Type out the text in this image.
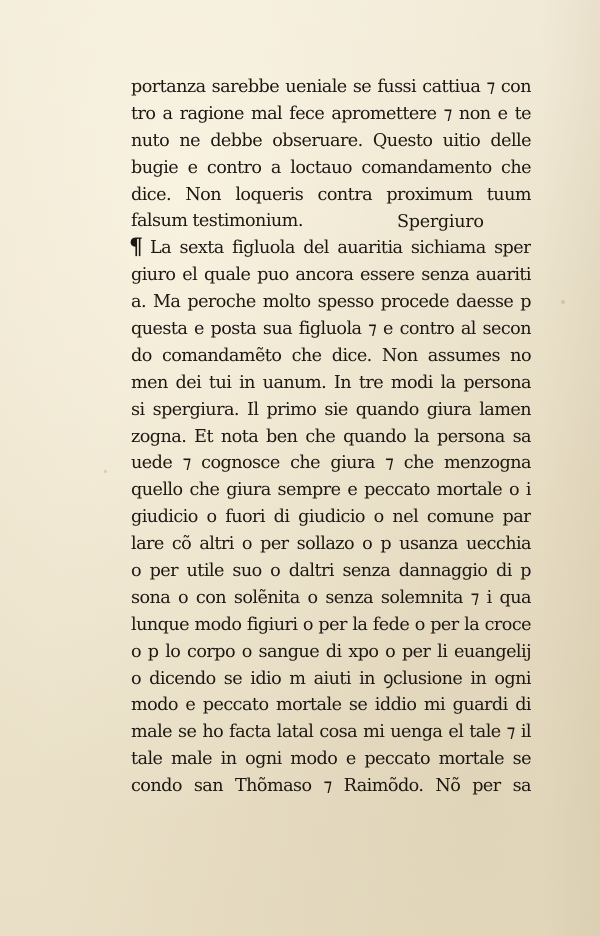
portanza sarebbe ueniale se fussi cattiua ⁊ con
tro a ragione mal fece apromettere ⁊ non e te
nuto ne debbe obseruare. Questo uitio delle
bugie e contro a loctauo comandamento che
dice. Non loqueris contra proximum tuum
falsum testimonium.
La sexta figluola del auaritia sichiama sper
giuro el quale puo ancora essere senza auariti
a. Ma peroche molto spesso procede daesse p
questa e posta sua figluola ⁊ e contro al secon
do comandamẽto che dice. Non assumes no
men dei tui in uanum. In tre modi la persona
si spergiura. Il primo sie quando giura lamen
zogna. Et nota ben che quando la persona sa
uede ⁊ cognosce che giura ⁊ che menzogna
quello che giura sempre e peccato mortale o i
giudicio o fuori di giudicio o nel comune par
lare cõ altri o per sollazo o p usanza uecchia
o per utile suo o daltri senza dannaggio di p
sona o con solẽnita o senza solemnita ⁊ i qua
lunque modo figiuri o per la fede o per la croce
o p lo corpo o sangue di xpo o per li euangelij
o dicendo se idio m aiuti in ꝯclusione in ogni
modo e peccato mortale se iddio mi guardi di
male se ho facta latal cosa mi uenga el tale ⁊ il
tale male in ogni modo e peccato mortale se
condo san Thõmaso ⁊ Raimõdo. Nõ per sa
Spergiuro
¶
